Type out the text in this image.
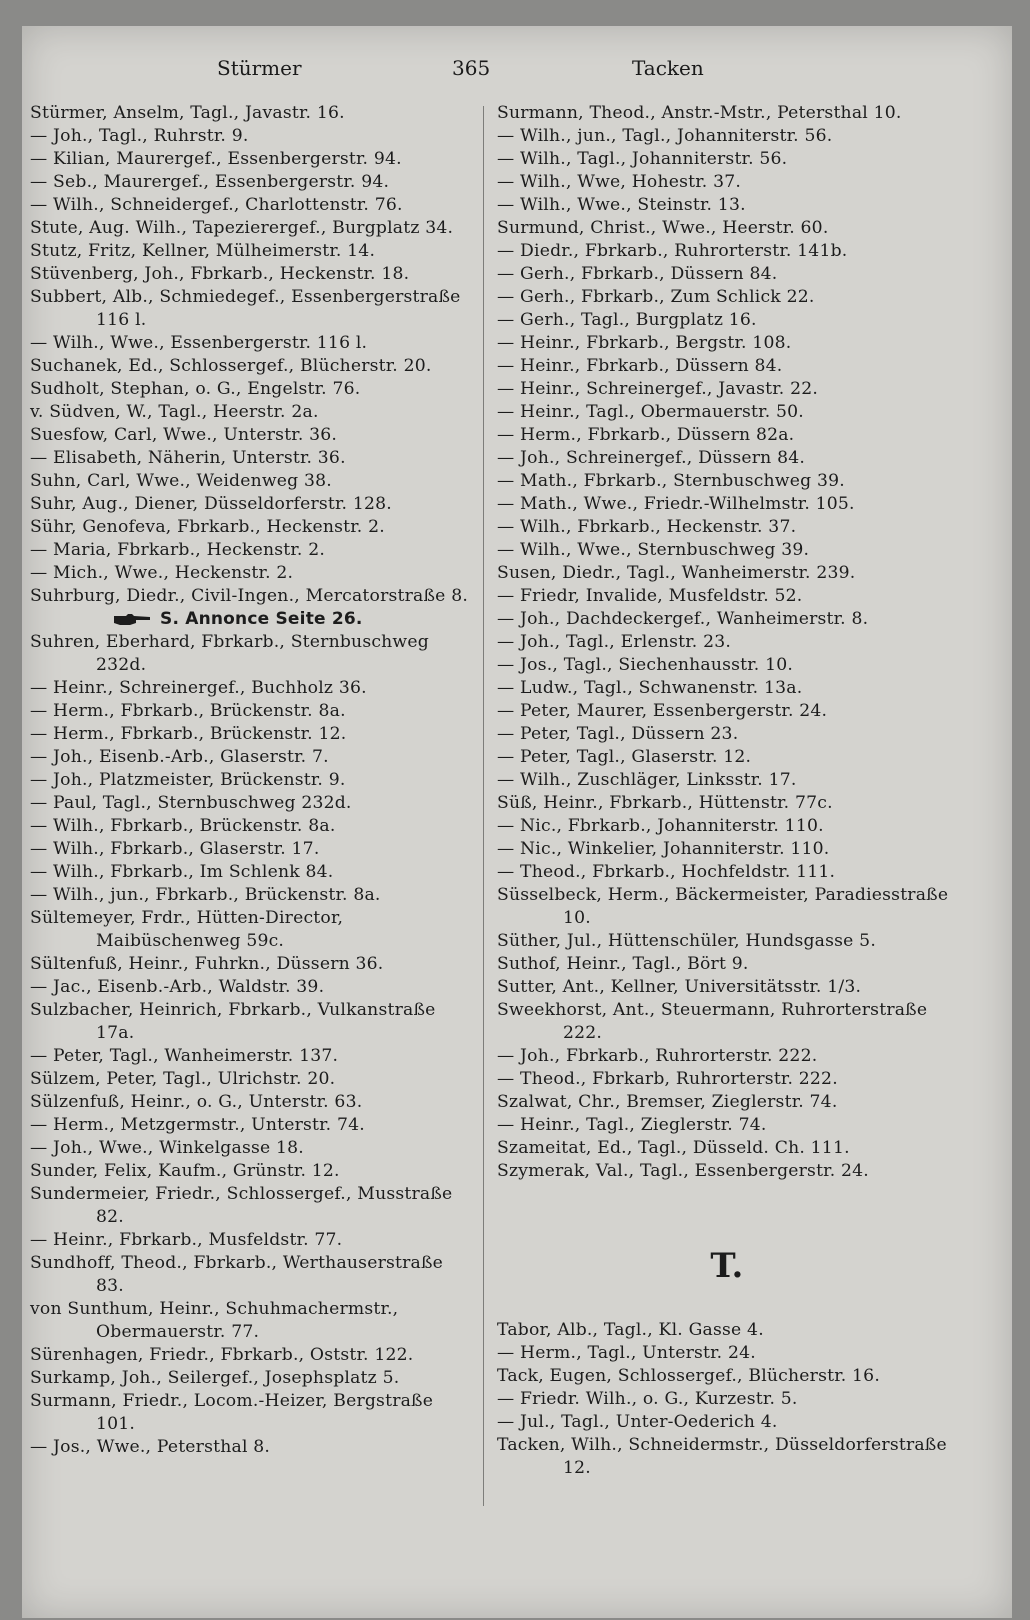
Stürmer	365	Tacken
Stürmer, Anselm, Tagl., Javastr. 16.
— Joh., Tagl., Ruhrstr. 9.
— Kilian, Maurergef., Essenbergerstr. 94.
— Seb., Maurergef., Essenbergerstr. 94.
— Wilh., Schneidergef., Charlottenstr. 76.
Stute, Aug. Wilh., Tapezierergef., Burgplatz 34.
Stutz, Fritz, Kellner, Mülheimerstr. 14.
Stüvenberg, Joh., Fbrkarb., Heckenstr. 18.
Subbert, Alb., Schmiedegef., Essenbergerstraße 116 l.
— Wilh., Wwe., Essenbergerstr. 116 l.
Suchanek, Ed., Schlossergef., Blücherstr. 20.
Sudholt, Stephan, o. G., Engelstr. 76.
v. Südven, W., Tagl., Heerstr. 2a.
Suesfow, Carl, Wwe., Unterstr. 36.
— Elisabeth, Näherin, Unterstr. 36.
Suhn, Carl, Wwe., Weidenweg 38.
Suhr, Aug., Diener, Düsseldorferstr. 128.
Sühr, Genofeva, Fbrkarb., Heckenstr. 2.
— Maria, Fbrkarb., Heckenstr. 2.
— Mich., Wwe., Heckenstr. 2.
Suhrburg, Diedr., Civil-Ingen., Mercatorstraße 8.
S. Annonce Seite 26.
Suhren, Eberhard, Fbrkarb., Sternbuschweg 232d.
— Heinr., Schreinergef., Buchholz 36.
— Herm., Fbrkarb., Brückenstr. 8a.
— Herm., Fbrkarb., Brückenstr. 12.
— Joh., Eisenb.-Arb., Glaserstr. 7.
— Joh., Platzmeister, Brückenstr. 9.
— Paul, Tagl., Sternbuschweg 232d.
— Wilh., Fbrkarb., Brückenstr. 8a.
— Wilh., Fbrkarb., Glaserstr. 17.
— Wilh., Fbrkarb., Im Schlenk 84.
— Wilh., jun., Fbrkarb., Brückenstr. 8a.
Sültemeyer, Frdr., Hütten-Director, Maibüschenweg 59c.
Sültenfuß, Heinr., Fuhrkn., Düssern 36.
— Jac., Eisenb.-Arb., Waldstr. 39.
Sulzbacher, Heinrich, Fbrkarb., Vulkanstraße 17a.
— Peter, Tagl., Wanheimerstr. 137.
Sülzem, Peter, Tagl., Ulrichstr. 20.
Sülzenfuß, Heinr., o. G., Unterstr. 63.
— Herm., Metzgermstr., Unterstr. 74.
— Joh., Wwe., Winkelgasse 18.
Sunder, Felix, Kaufm., Grünstr. 12.
Sundermeier, Friedr., Schlossergef., Musstraße 82.
— Heinr., Fbrkarb., Musfeldstr. 77.
Sundhoff, Theod., Fbrkarb., Werthauserstraße 83.
von Sunthum, Heinr., Schuhmachermstr., Obermauerstr. 77.
Sürenhagen, Friedr., Fbrkarb., Oststr. 122.
Surkamp, Joh., Seilergef., Josephsplatz 5.
Surmann, Friedr., Locom.-Heizer, Bergstraße 101.
— Jos., Wwe., Petersthal 8.
Surmann, Theod., Anstr.-Mstr., Petersthal 10.
— Wilh., jun., Tagl., Johanniterstr. 56.
— Wilh., Tagl., Johanniterstr. 56.
— Wilh., Wwe, Hohestr. 37.
— Wilh., Wwe., Steinstr. 13.
Surmund, Christ., Wwe., Heerstr. 60.
— Diedr., Fbrkarb., Ruhrorterstr. 141b.
— Gerh., Fbrkarb., Düssern 84.
— Gerh., Fbrkarb., Zum Schlick 22.
— Gerh., Tagl., Burgplatz 16.
— Heinr., Fbrkarb., Bergstr. 108.
— Heinr., Fbrkarb., Düssern 84.
— Heinr., Schreinergef., Javastr. 22.
— Heinr., Tagl., Obermauerstr. 50.
— Herm., Fbrkarb., Düssern 82a.
— Joh., Schreinergef., Düssern 84.
— Math., Fbrkarb., Sternbuschweg 39.
— Math., Wwe., Friedr.-Wilhelmstr. 105.
— Wilh., Fbrkarb., Heckenstr. 37.
— Wilh., Wwe., Sternbuschweg 39.
Susen, Diedr., Tagl., Wanheimerstr. 239.
— Friedr, Invalide, Musfeldstr. 52.
— Joh., Dachdeckergef., Wanheimerstr. 8.
— Joh., Tagl., Erlenstr. 23.
— Jos., Tagl., Siechenhausstr. 10.
— Ludw., Tagl., Schwanenstr. 13a.
— Peter, Maurer, Essenbergerstr. 24.
— Peter, Tagl., Düssern 23.
— Peter, Tagl., Glaserstr. 12.
— Wilh., Zuschläger, Linksstr. 17.
Süß, Heinr., Fbrkarb., Hüttenstr. 77c.
— Nic., Fbrkarb., Johanniterstr. 110.
— Nic., Winkelier, Johanniterstr. 110.
— Theod., Fbrkarb., Hochfeldstr. 111.
Süsselbeck, Herm., Bäckermeister, Paradiesstraße 10.
Süther, Jul., Hüttenschüler, Hundsgasse 5.
Suthof, Heinr., Tagl., Bört 9.
Sutter, Ant., Kellner, Universitätsstr. 1/3.
Sweekhorst, Ant., Steuermann, Ruhrorterstraße 222.
— Joh., Fbrkarb., Ruhrorterstr. 222.
— Theod., Fbrkarb, Ruhrorterstr. 222.
Szalwat, Chr., Bremser, Zieglerstr. 74.
— Heinr., Tagl., Zieglerstr. 74.
Szameitat, Ed., Tagl., Düsseld. Ch. 111.
Szymerak, Val., Tagl., Essenbergerstr. 24.
T.
Tabor, Alb., Tagl., Kl. Gasse 4.
— Herm., Tagl., Unterstr. 24.
Tack, Eugen, Schlossergef., Blücherstr. 16.
— Friedr. Wilh., o. G., Kurzestr. 5.
— Jul., Tagl., Unter-Oederich 4.
Tacken, Wilh., Schneidermstr., Düsseldorferstraße 12.
